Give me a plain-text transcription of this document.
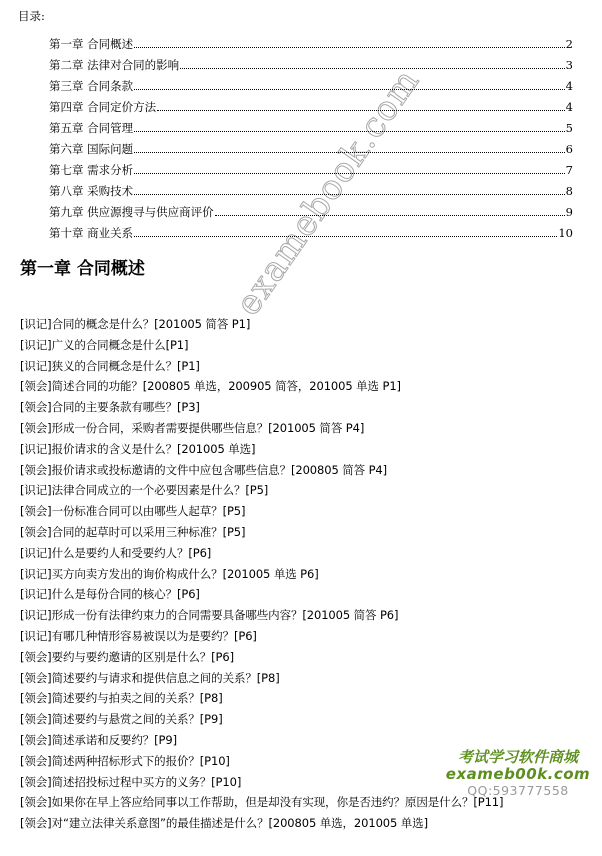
目录:
第一章 合同概述	2
第二章 法律对合同的影响	3
第三章 合同条款	4
第四章 合同定价方法	4
第五章 合同管理	5
第六章 国际问题	6
第七章 需求分析	7
第八章 采购技术	8
第九章 供应源搜寻与供应商评价	9
第十章 商业关系	10
第一章 合同概述
[识记]合同的概念是什么？[201005 简答 P1]
[识记]广义的合同概念是什么[P1]
[识记]狭义的合同概念是什么？[P1]
[领会]简述合同的功能？[200805 单选，200905 简答，201005 单选 P1]
[领会]合同的主要条款有哪些？[P3]
[领会]形成一份合同，采购者需要提供哪些信息？[201005 简答 P4]
[识记]报价请求的含义是什么？[201005 单选]
[领会]报价请求或投标邀请的文件中应包含哪些信息？[200805 简答 P4]
[识记]法律合同成立的一个必要因素是什么？[P5]
[领会]一份标准合同可以由哪些人起草？[P5]
[领会]合同的起草时可以采用三种标准？[P5]
[识记]什么是要约人和受要约人？[P6]
[识记]买方向卖方发出的询价构成什么？[201005 单选 P6]
[识记]什么是每份合同的核心？[P6]
[识记]形成一份有法律约束力的合同需要具备哪些内容？[201005 简答 P6]
[识记]有哪几种情形容易被误以为是要约？[P6]
[领会]要约与要约邀请的区别是什么？[P6]
[领会]简述要约与请求和提供信息之间的关系？[P8]
[领会]简述要约与拍卖之间的关系？[P8]
[领会]简述要约与悬赏之间的关系？[P9]
[领会]简述承诺和反要约？[P9]
[领会]简述两种招标形式下的报价？[P10]
[领会]简述招投标过程中买方的义务？[P10]
[领会]如果你在早上答应给同事以工作帮助，但是却没有实现，你是否违约？原因是什么？[P11]
[领会]对“建立法律关系意图”的最佳描述是什么？[200805 单选，201005 单选]
examebook.com
考试学习软件商城
exameb00k.com
QQ:593777558
